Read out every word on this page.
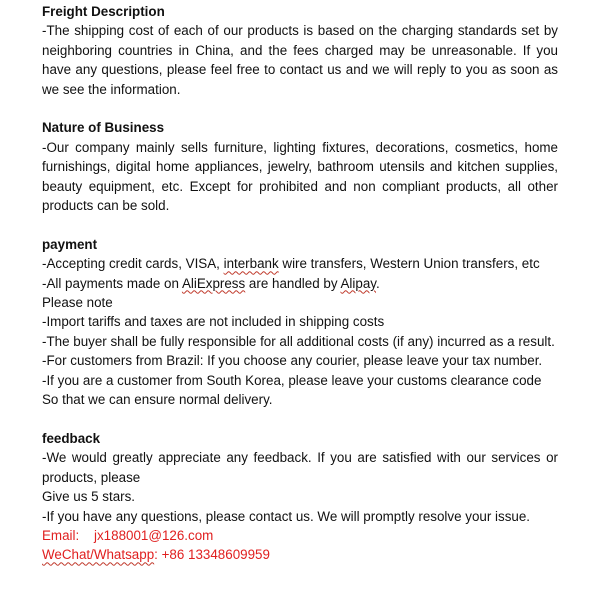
Freight Description

-The shipping cost of each of our products is based on the charging standards set by neighboring countries in China, and the fees charged may be unreasonable. If you have any questions, please feel free to contact us and we will reply to you as soon as we see the information.

Nature of Business

-Our company mainly sells furniture, lighting fixtures, decorations, cosmetics, home furnishings, digital home appliances, jewelry, bathroom utensils and kitchen supplies, beauty equipment, etc. Except for prohibited and non compliant products, all other products can be sold.

payment

-Accepting credit cards, VISA, interbank wire transfers, Western Union transfers, etc

-All payments made on AliExpress are handled by Alipay.

Please note

-Import tariffs and taxes are not included in shipping costs

-The buyer shall be fully responsible for all additional costs (if any) incurred as a result.

-For customers from Brazil: If you choose any courier, please leave your tax number.

-If you are a customer from South Korea, please leave your customs clearance code

So that we can ensure normal delivery.

feedback

-We would greatly appreciate any feedback. If you are satisfied with our services or products, please

Give us 5 stars.

-If you have any questions, please contact us. We will promptly resolve your issue.

Email: jx188001@126.com

WeChat/Whatsapp: +86 13348609959
